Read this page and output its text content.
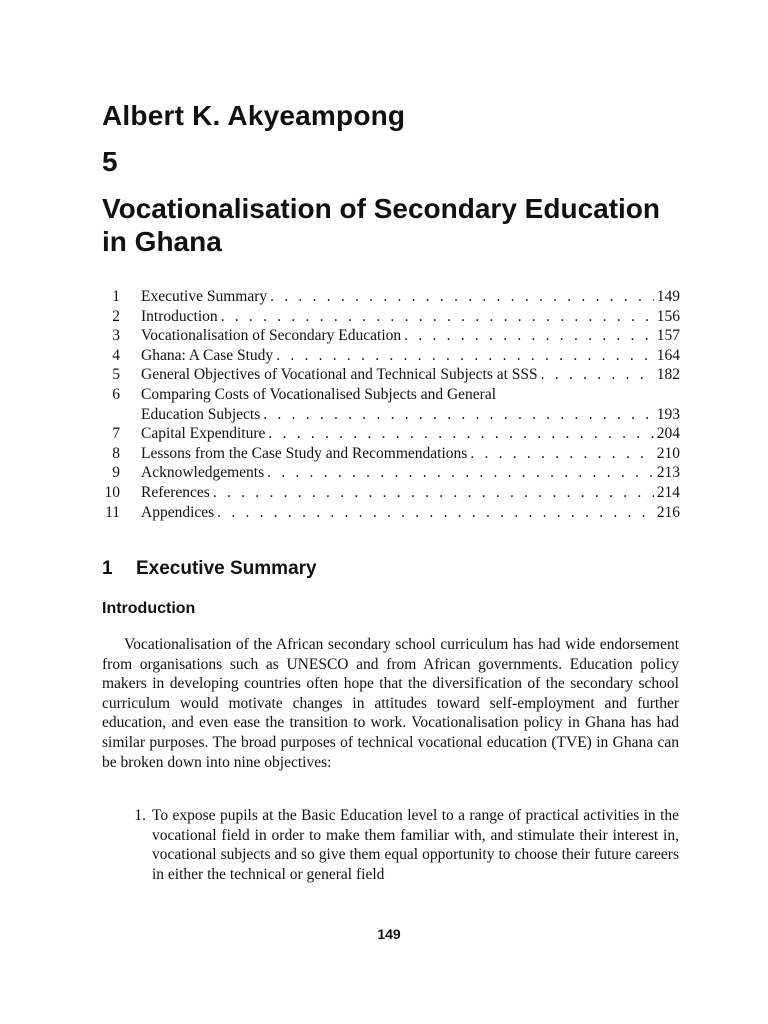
Albert K. Akyeampong
5
Vocationalisation of Secondary Education in Ghana
1 Executive Summary . . .	149
2 Introduction . . .	156
3 Vocationalisation of Secondary Education . . .	157
4 Ghana: A Case Study . . .	164
5 General Objectives of Vocational and Technical Subjects at SSS . . .	182
6 Comparing Costs of Vocationalised Subjects and General
Education Subjects . . .	193
7 Capital Expenditure . . .	204
8 Lessons from the Case Study and Recommendations . . .	210
9 Acknowledgements . . .	213
10 References . . .	214
11 Appendices . . .	216
1 Executive Summary
Introduction

Vocationalisation of the African secondary school curriculum has had wide endorsement from organisations such as UNESCO and from African governments. Education policy makers in developing countries often hope that the diversification of the secondary school curriculum would motivate changes in attitudes toward self-employment and further education, and even ease the transition to work. Vocationalisation policy in Ghana has had similar purposes. The broad purposes of technical vocational education (TVE) in Ghana can be broken down into nine objectives:

1. To expose pupils at the Basic Education level to a range of practical activities in the vocational field in order to make them familiar with, and stimulate their interest in, vocational subjects and so give them equal opportunity to choose their future careers in either the technical or general field
149
